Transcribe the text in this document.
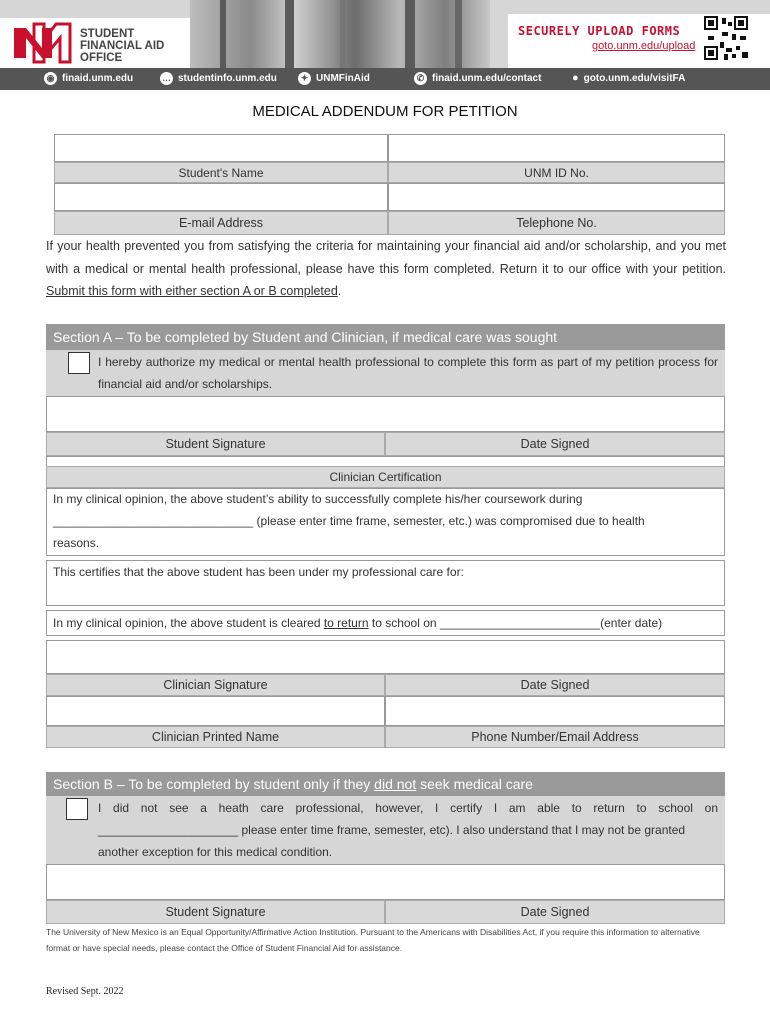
STUDENT
FINANCIAL AID
OFFICE
SECURELY UPLOAD FORMS
goto.unm.edu/upload
◉ finaid.unm.edu	… studentinfo.unm.edu	✦ UNMFinAid	✆ finaid.unm.edu/contact	● goto.unm.edu/visitFA
MEDICAL ADDENDUM FOR PETITION
Student's Name	UNM ID No.
E-mail Address	Telephone No.
If your health prevented you from satisfying the criteria for maintaining your financial aid and/or scholarship, and you met with a medical or mental health professional, please have this form completed. Return it to our office with your petition. Submit this form with either section A or B completed.
Section A – To be completed by Student and Clinician, if medical care was sought
I hereby authorize my medical or mental health professional to complete this form as part of my petition process for financial aid and/or scholarships.
Student Signature	Date Signed
Clinician Certification
In my clinical opinion, the above student’s ability to successfully complete his/her coursework during
______________________________ (please enter time frame, semester, etc.) was compromised due to health
reasons.
This certifies that the above student has been under my professional care for:
In my clinical opinion, the above student is cleared to return to school on ________________________(enter date)
Clinician Signature	Date Signed
Clinician Printed Name	Phone Number/Email Address
Section B – To be completed by student only if they did not seek medical care
I did not see a heath care professional, however, I certify I am able to return to school on
_____________________ please enter time frame, semester, etc). I also understand that I may not be granted
another exception for this medical condition.
Student Signature	Date Signed
The University of New Mexico is an Equal Opportunity/Affirmative Action Institution. Pursuant to the Americans with Disabilities Act, if you require this information to alternative format or have special needs, please contact the Office of Student Financial Aid for assistance.
Revised Sept. 2022
